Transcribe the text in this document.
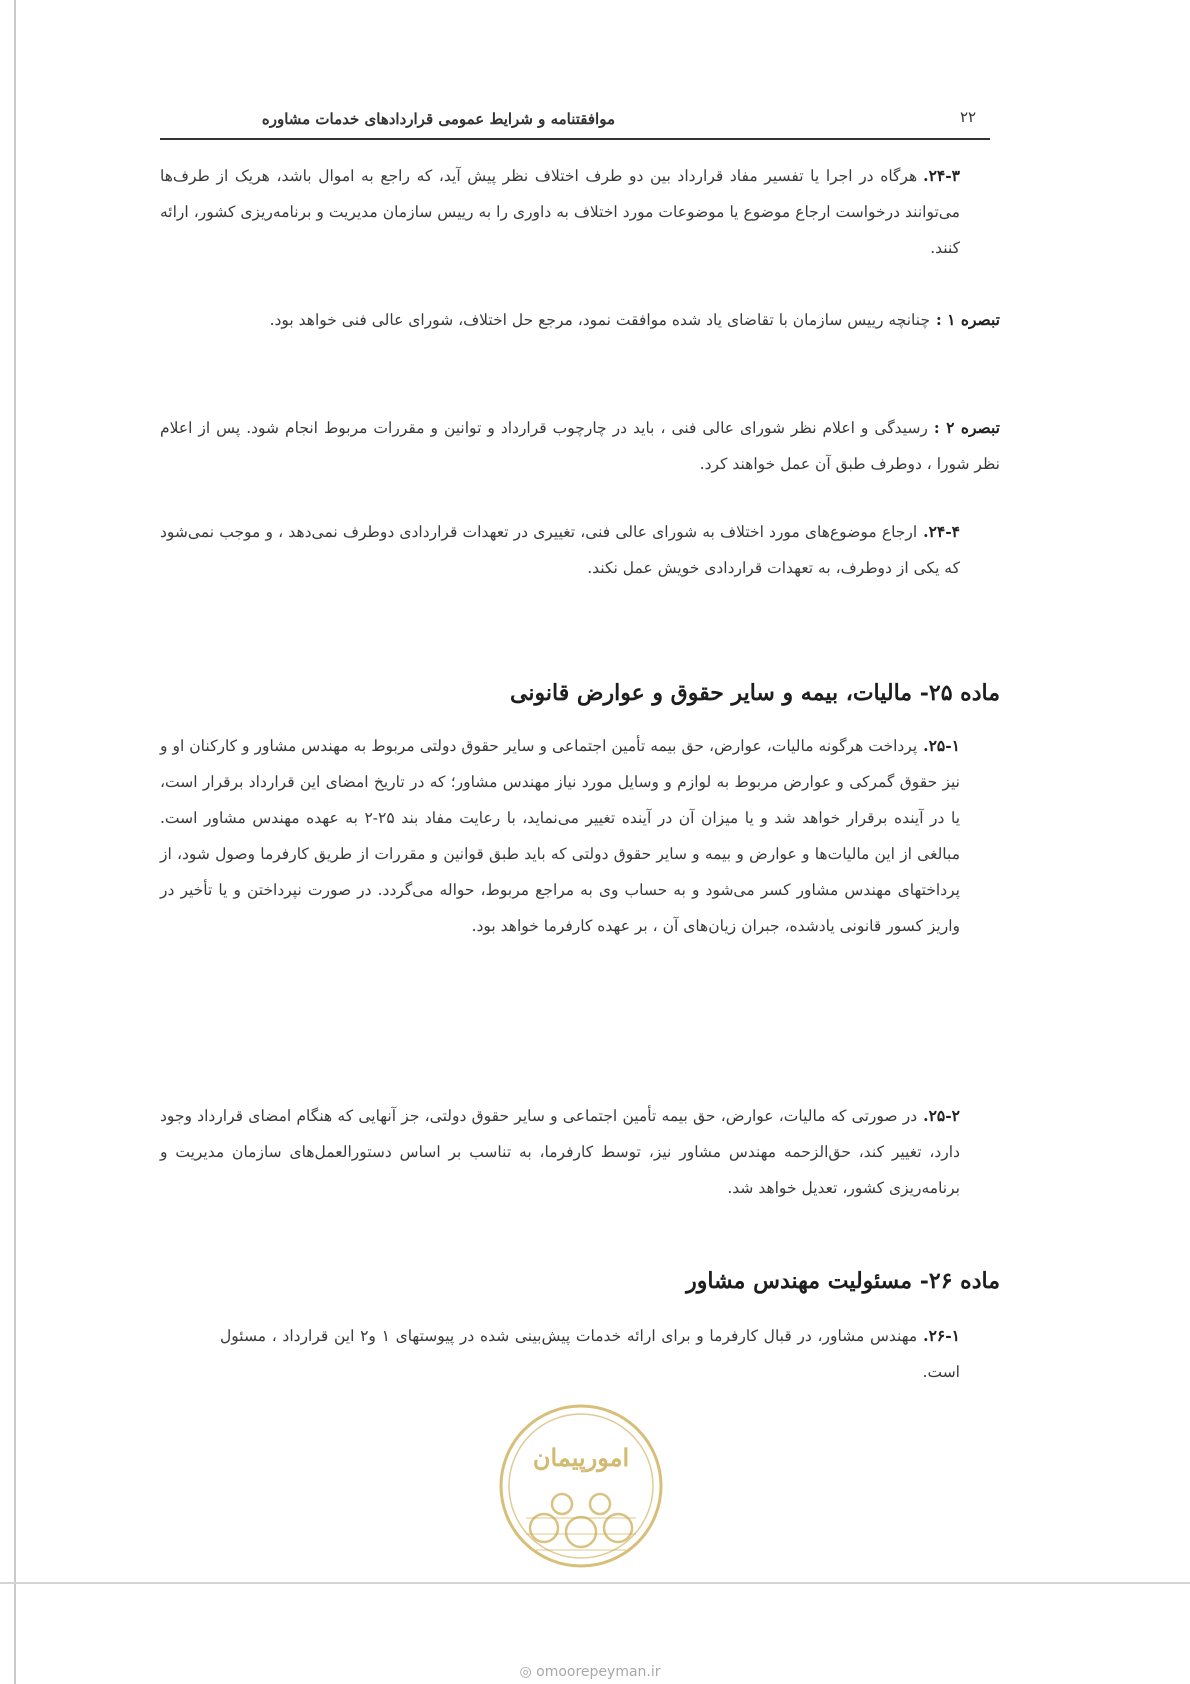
۲۲
موافقتنامه و شرایط عمومی قراردادهای خدمات مشاوره
۲۴-۳.هرگاه در اجرا یا تفسیر مفاد قرارداد بین دو طرف اختلاف نظر پیش آید، که راجع به اموال باشد، هریک از طرف‌ها می‌توانند درخواست ارجاع موضوع یا موضوعات مورد اختلاف به داوری را به رییس سازمان مدیریت و برنامه‌ریزی کشور، ارائه کنند.
تبصره ۱ :چنانچه رییس سازمان با تقاضای یاد شده موافقت نمود، مرجع حل اختلاف، شورای عالی فنی خواهد بود.
تبصره ۲ :رسیدگی و اعلام نظر شورای عالی فنی ، باید در چارچوب قرارداد و توانین و مقررات مربوط انجام شود. پس از اعلام نظر شورا ، دوطرف طبق آن عمل خواهند کرد.
۲۴-۴.ارجاع موضوع‌های مورد اختلاف به شورای عالی فنی، تغییری در تعهدات قراردادی دوطرف نمی‌دهد ، و موجب نمی‌شود که یکی از دوطرف، به تعهدات قراردادی خویش عمل نکند.
ماده ۲۵- مالیات، بیمه و سایر حقوق و عوارض قانونی
۲۵-۱.پرداخت هرگونه مالیات، عوارض، حق بیمه تأمین اجتماعی و سایر حقوق دولتی مربوط به مهندس مشاور و کارکنان او و نیز حقوق گمرکی و عوارض مربوط به لوازم و وسایل مورد نیاز مهندس مشاور؛ که در تاریخ امضای این قرارداد برقرار است، یا در آینده برقرار خواهد شد و یا میزان آن در آینده تغییر می‌نماید، با رعایت مفاد بند ۲۵-۲ به عهده مهندس مشاور است. مبالغی از این مالیات‌ها و عوارض و بیمه و سایر حقوق دولتی که باید طبق قوانین و مقررات از طریق کارفرما وصول شود، از پرداختهای مهندس مشاور کسر می‌شود و به حساب وی به مراجع مربوط، حواله می‌گردد. در صورت نپرداختن و یا تأخیر در واریز کسور قانونی یادشده، جبران زیان‌های آن ، بر عهده کارفرما خواهد بود.
۲۵-۲.در صورتی که مالیات، عوارض، حق بیمه تأمین اجتماعی و سایر حقوق دولتی، جز آنهایی که هنگام امضای قرارداد وجود دارد، تغییر کند، حق‌الزحمه مهندس مشاور نیز، توسط کارفرما، به تناسب بر اساس دستورالعمل‌های سازمان مدیریت و برنامه‌ریزی کشور، تعدیل خواهد شد.
ماده ۲۶- مسئولیت مهندس مشاور
۲۶-۱.مهندس مشاور، در قبال کارفرما و برای ارائه خدمات پیش‌بینی شده در پیوستهای ۱ و۲ این قرارداد ، مسئول است.
امورپیمان
◎ omoorepeyman.ir
